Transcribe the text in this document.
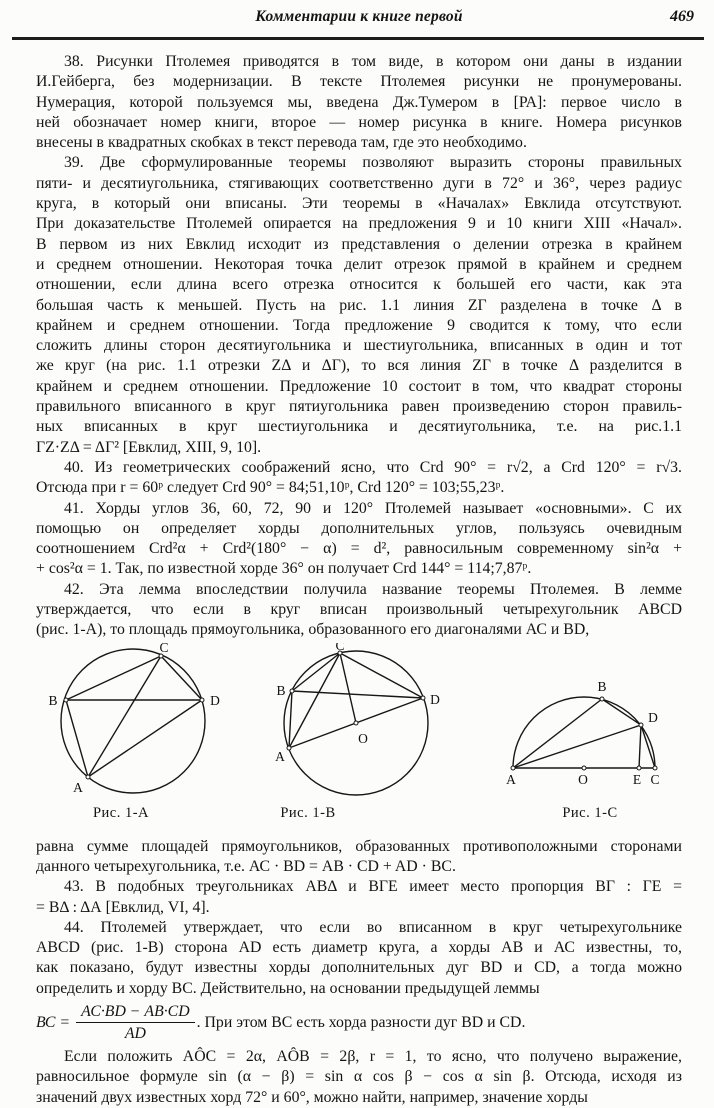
Комментарии к книге первой	469
38. Рисунки Птолемея приводятся в том виде, в котором они даны в издании
И.Гейберга, без модернизации. В тексте Птолемея рисунки не пронумерованы.
Нумерация, которой пользуемся мы, введена Дж.Тумером в [РА]: первое число в
ней обозначает номер книги, второе — номер рисунка в книге. Номера рисунков
внесены в квадратных скобках в текст перевода там, где это необходимо.
39. Две сформулированные теоремы позволяют выразить стороны правильных
пяти- и десятиугольника, стягивающих соответственно дуги в 72° и 36°, через радиус
круга, в который они вписаны. Эти теоремы в «Началах» Евклида отсутствуют.
При доказательстве Птолемей опирается на предложения 9 и 10 книги XIII «Начал».
В первом из них Евклид исходит из представления о делении отрезка в крайнем
и среднем отношении. Некоторая точка делит отрезок прямой в крайнем и среднем
отношении, если длина всего отрезка относится к большей его части, как эта
большая часть к меньшей. Пусть на рис. 1.1 линия ZГ разделена в точке Δ в
крайнем и среднем отношении. Тогда предложение 9 сводится к тому, что если
сложить длины сторон десятиугольника и шестиугольника, вписанных в один и тот
же круг (на рис. 1.1 отрезки ZΔ и ΔГ), то вся линия ZГ в точке Δ разделится в
крайнем и среднем отношении. Предложение 10 состоит в том, что квадрат стороны
правильного вписанного в круг пятиугольника равен произведению сторон правиль-
ных вписанных в круг шестиугольника и десятиугольника, т.е. на рис.1.1
ГZ·ZΔ = ΔГ² [Евклид, XIII, 9, 10].
40. Из геометрических соображений ясно, что Crd 90° = r√2, а Crd 120° = r√3.
Отсюда при r = 60ᵖ следует Crd 90° = 84;51,10ᵖ, Crd 120° = 103;55,23ᵖ.
41. Хорды углов 36, 60, 72, 90 и 120° Птолемей называет «основными». С их
помощью он определяет хорды дополнительных углов, пользуясь очевидным
соотношением Crd²α + Crd²(180° − α) = d², равносильным современному sin²α +
+ cos²α = 1. Так, по известной хорде 36° он получает Crd 144° = 114;7,87ᵖ.
42. Эта лемма впоследствии получила название теоремы Птолемея. В лемме
утверждается, что если в круг вписан произвольный четырехугольник ABCD
(рис. 1-А), то площадь прямоугольника, образованного его диагоналями АС и BD,
A
B
C
D
Рис. 1-А
A
B
C
D
O
Рис. 1-В
A	O	E C
B
D
Рис. 1-С
равна сумме площадей прямоугольников, образованных противоположными сторонами
данного четырехугольника, т.е. АС · BD = АВ · CD + AD · ВС.
43. В подобных треугольниках АВΔ и ВГЕ имеет место пропорция ВГ : ГЕ =
= ВΔ : ΔА [Евклид, VI, 4].
44. Птолемей утверждает, что если во вписанном в круг четырехугольнике
ABCD (рис. 1-В) сторона AD есть диаметр круга, а хорды АВ и АС известны, то,
как показано, будут известны хорды дополнительных дуг BD и CD, а тогда можно
определить и хорду ВС. Действительно, на основании предыдущей леммы
ВС = $\frac{АС\cdot BD - АВ\cdot CD}{AD}$ . При этом ВС есть хорда разности дуг BD и CD.
Если положить АÔС = 2α, АÔВ = 2β, r = 1, то ясно, что получено выражение,
равносильное формуле sin (α − β) = sin α cos β − cos α sin β. Отсюда, исходя из
значений двух известных хорд 72° и 60°, можно найти, например, значение хорды
